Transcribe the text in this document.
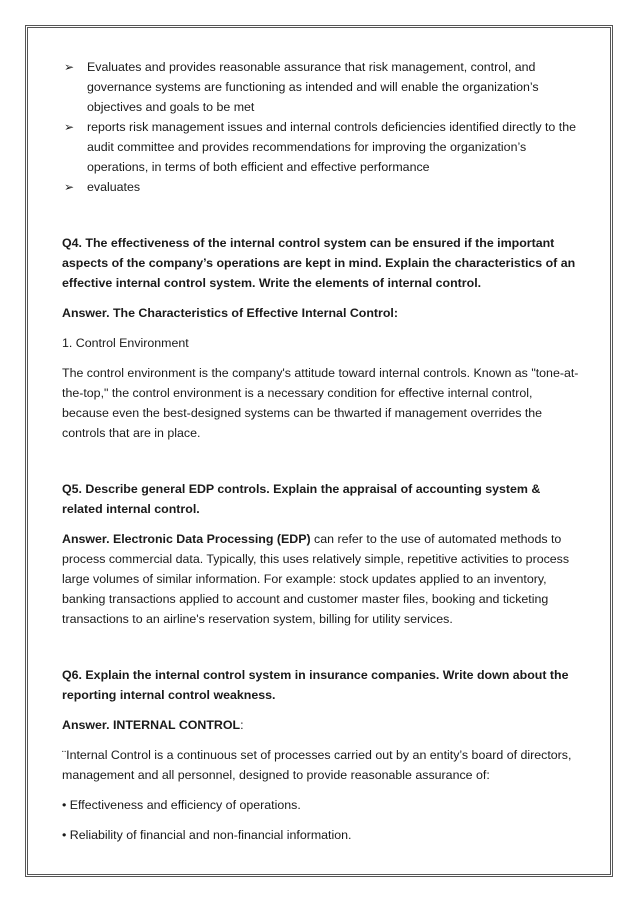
➢ Evaluates and provides reasonable assurance that risk management, control, and governance systems are functioning as intended and will enable the organization’s objectives and goals to be met
➢ reports risk management issues and internal controls deficiencies identified directly to the audit committee and provides recommendations for improving the organization’s operations, in terms of both efficient and effective performance
➢ evaluates

Q4. The effectiveness of the internal control system can be ensured if the important aspects of the company’s operations are kept in mind. Explain the characteristics of an effective internal control system. Write the elements of internal control.

Answer. The Characteristics of Effective Internal Control:

1. Control Environment

The control environment is the company's attitude toward internal controls. Known as "tone-at-the-top," the control environment is a necessary condition for effective internal control, because even the best-designed systems can be thwarted if management overrides the controls that are in place.

Q5. Describe general EDP controls. Explain the appraisal of accounting system & related internal control.

Answer. Electronic Data Processing (EDP) can refer to the use of automated methods to process commercial data. Typically, this uses relatively simple, repetitive activities to process large volumes of similar information. For example: stock updates applied to an inventory, banking transactions applied to account and customer master files, booking and ticketing transactions to an airline's reservation system, billing for utility services.

Q6. Explain the internal control system in insurance companies. Write down about the reporting internal control weakness.

Answer. INTERNAL CONTROL:

¨Internal Control is a continuous set of processes carried out by an entity’s board of directors, management and all personnel, designed to provide reasonable assurance of:

• Effectiveness and efficiency of operations.

• Reliability of financial and non-financial information.
